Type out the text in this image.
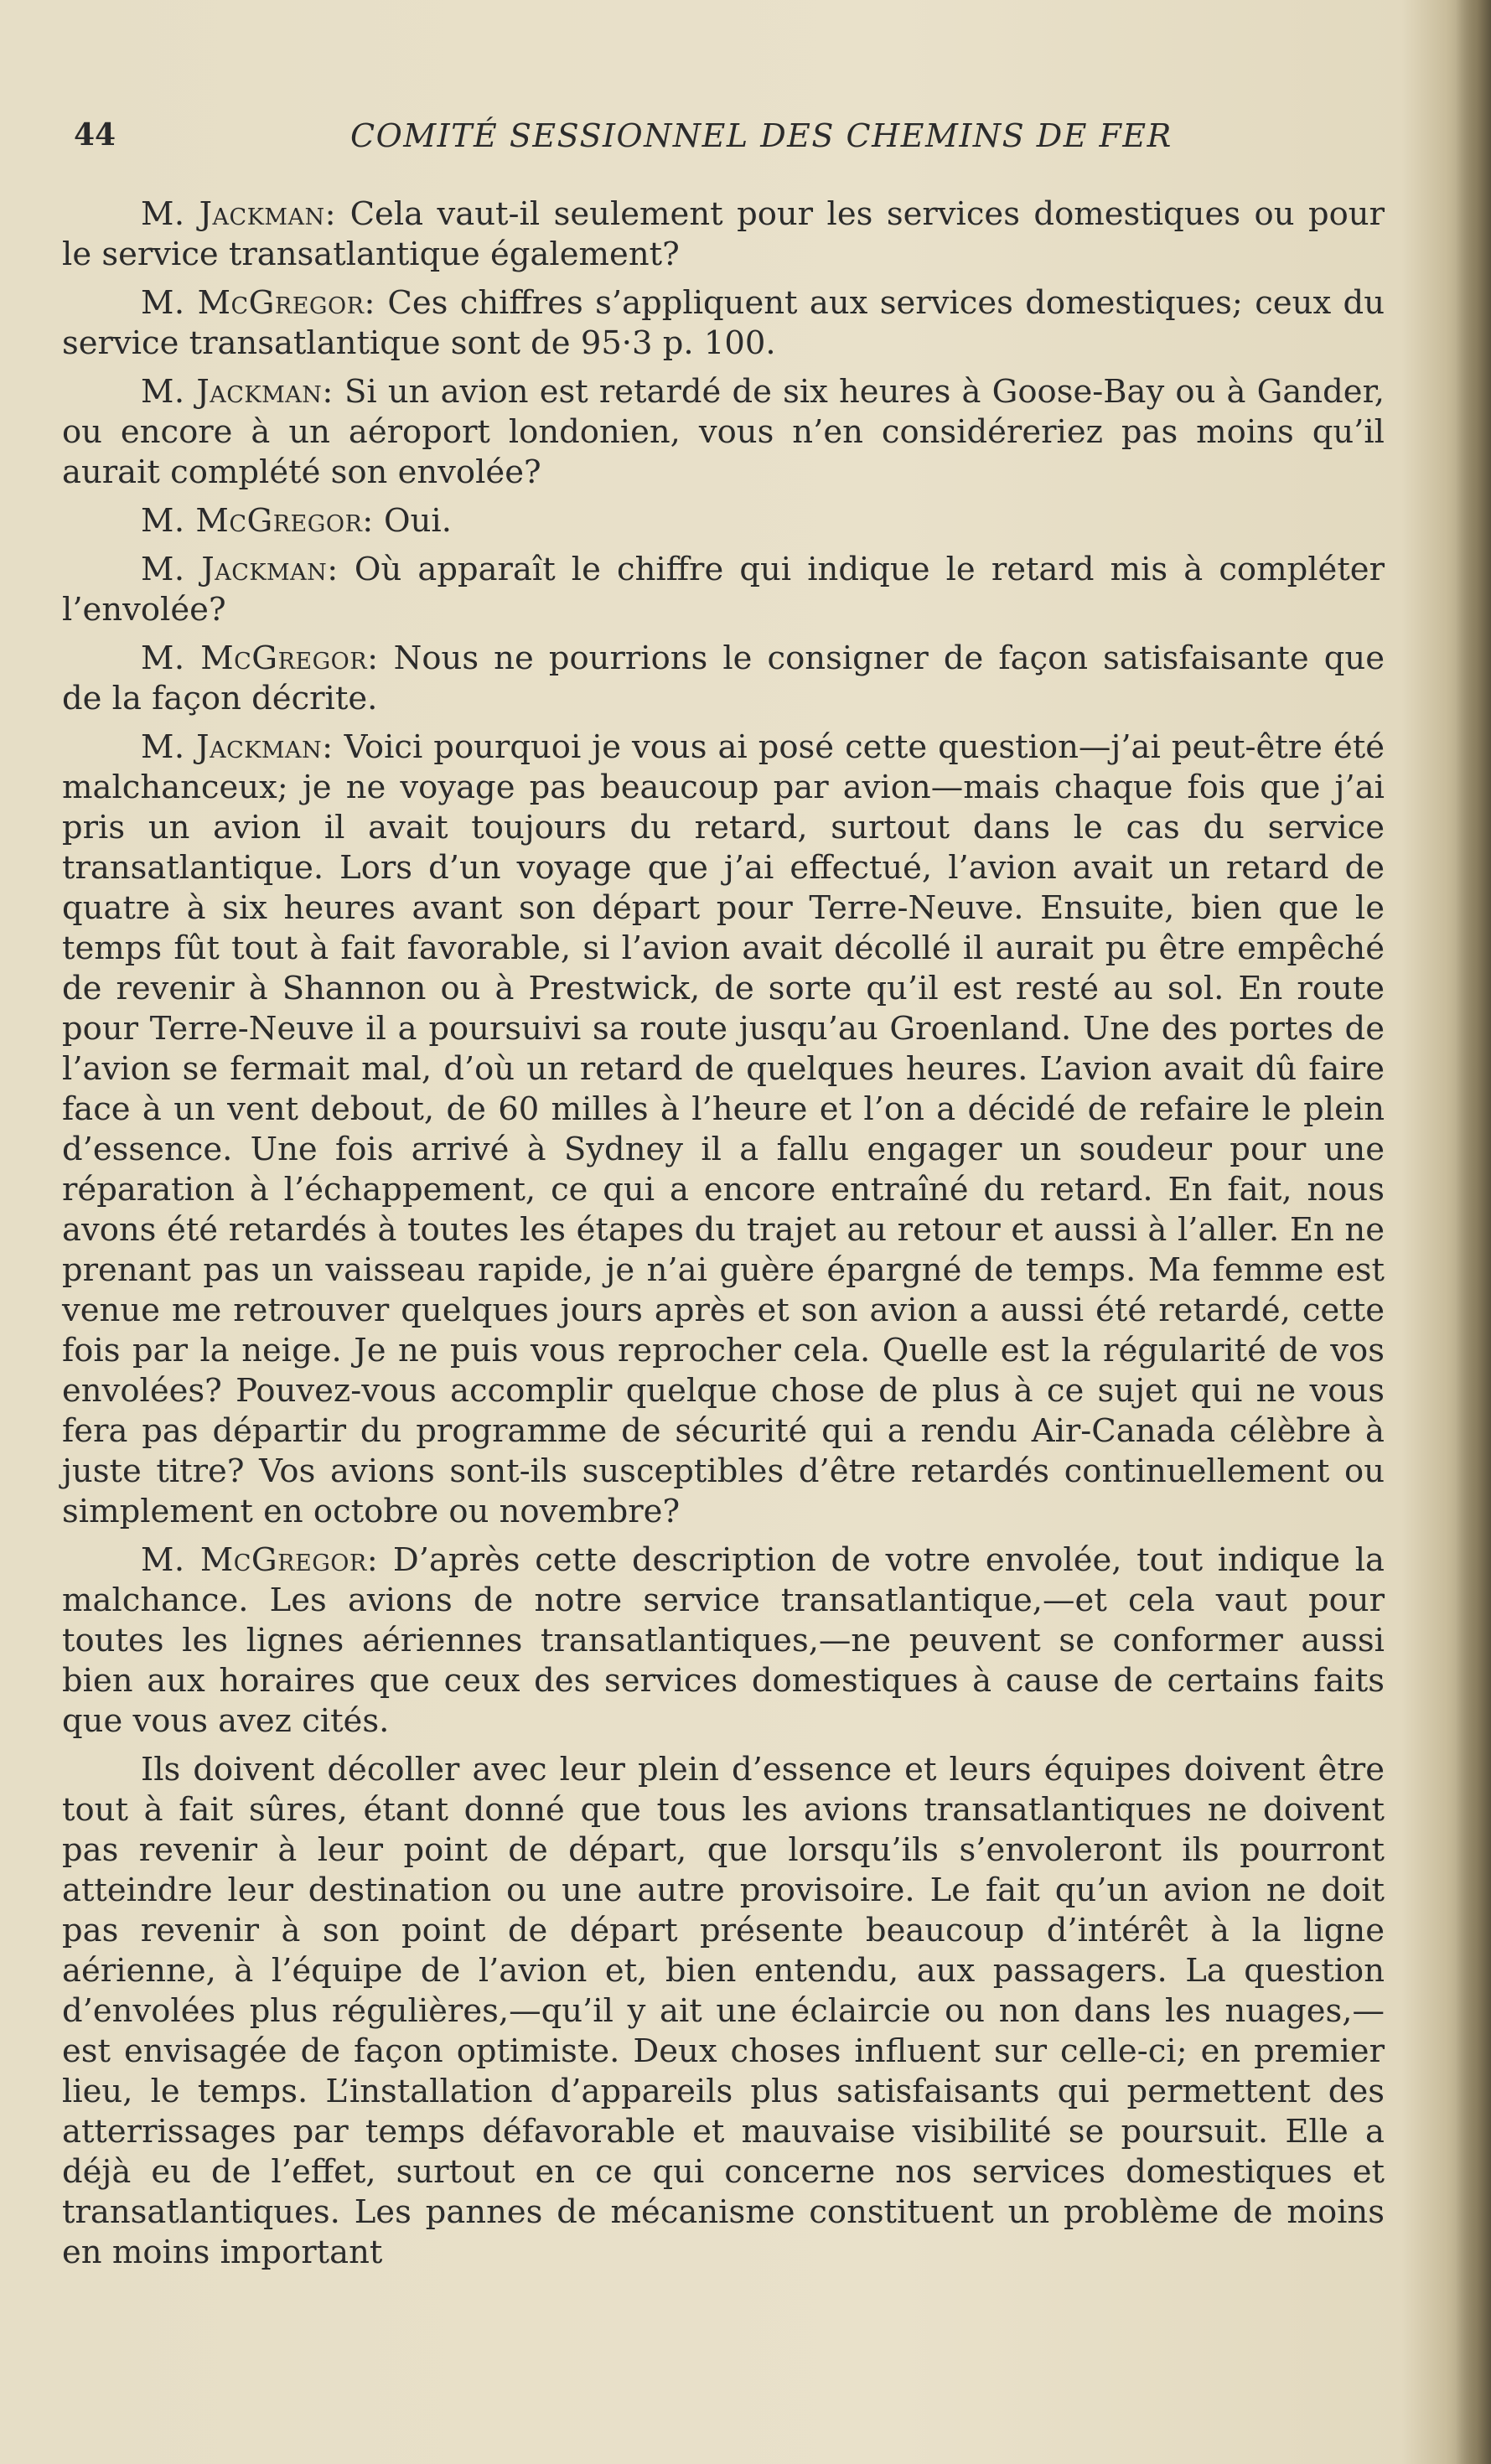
44	COMITÉ SESSIONNEL DES CHEMINS DE FER

M. Jackman: Cela vaut-il seulement pour les services domestiques ou pour le service transatlantique également?

M. McGregor: Ces chiffres s’appliquent aux services domestiques; ceux du service transatlantique sont de 95·3 p. 100.

M. Jackman: Si un avion est retardé de six heures à Goose-Bay ou à Gander, ou encore à un aéroport londonien, vous n’en considéreriez pas moins qu’il aurait complété son envolée?

M. McGregor: Oui.

M. Jackman: Où apparaît le chiffre qui indique le retard mis à compléter l’envolée?

M. McGregor: Nous ne pourrions le consigner de façon satisfaisante que de la façon décrite.

M. Jackman: Voici pourquoi je vous ai posé cette question—j’ai peut-être été malchanceux; je ne voyage pas beaucoup par avion—mais chaque fois que j’ai pris un avion il avait toujours du retard, surtout dans le cas du service transatlantique. Lors d’un voyage que j’ai effectué, l’avion avait un retard de quatre à six heures avant son départ pour Terre-Neuve. Ensuite, bien que le temps fût tout à fait favorable, si l’avion avait décollé il aurait pu être empêché de revenir à Shannon ou à Prestwick, de sorte qu’il est resté au sol. En route pour Terre-Neuve il a poursuivi sa route jusqu’au Groenland. Une des portes de l’avion se fermait mal, d’où un retard de quelques heures. L’avion avait dû faire face à un vent debout, de 60 milles à l’heure et l’on a décidé de refaire le plein d’essence. Une fois arrivé à Sydney il a fallu engager un soudeur pour une réparation à l’échappement, ce qui a encore entraîné du retard. En fait, nous avons été retardés à toutes les étapes du trajet au retour et aussi à l’aller. En ne prenant pas un vaisseau rapide, je n’ai guère épargné de temps. Ma femme est venue me retrouver quelques jours après et son avion a aussi été retardé, cette fois par la neige. Je ne puis vous reprocher cela. Quelle est la régularité de vos envolées? Pouvez-vous accomplir quelque chose de plus à ce sujet qui ne vous fera pas départir du programme de sécurité qui a rendu Air-Canada célèbre à juste titre? Vos avions sont-ils susceptibles d’être retardés continuellement ou simplement en octobre ou novembre?

M. McGregor: D’après cette description de votre envolée, tout indique la malchance. Les avions de notre service transatlantique,—et cela vaut pour toutes les lignes aériennes transatlantiques,—ne peuvent se conformer aussi bien aux horaires que ceux des services domestiques à cause de certains faits que vous avez cités.

Ils doivent décoller avec leur plein d’essence et leurs équipes doivent être tout à fait sûres, étant donné que tous les avions transatlantiques ne doivent pas revenir à leur point de départ, que lorsqu’ils s’envoleront ils pourront atteindre leur destination ou une autre provisoire. Le fait qu’un avion ne doit pas revenir à son point de départ présente beaucoup d’intérêt à la ligne aérienne, à l’équipe de l’avion et, bien entendu, aux passagers. La question d’envolées plus régulières,—qu’il y ait une éclaircie ou non dans les nuages,—est envisagée de façon optimiste. Deux choses influent sur celle-ci; en premier lieu, le temps. L’installation d’appareils plus satisfaisants qui permettent des atterrissages par temps défavorable et mauvaise visibilité se poursuit. Elle a déjà eu de l’effet, surtout en ce qui concerne nos services domestiques et transatlantiques. Les pannes de mécanisme constituent un problème de moins en moins important
